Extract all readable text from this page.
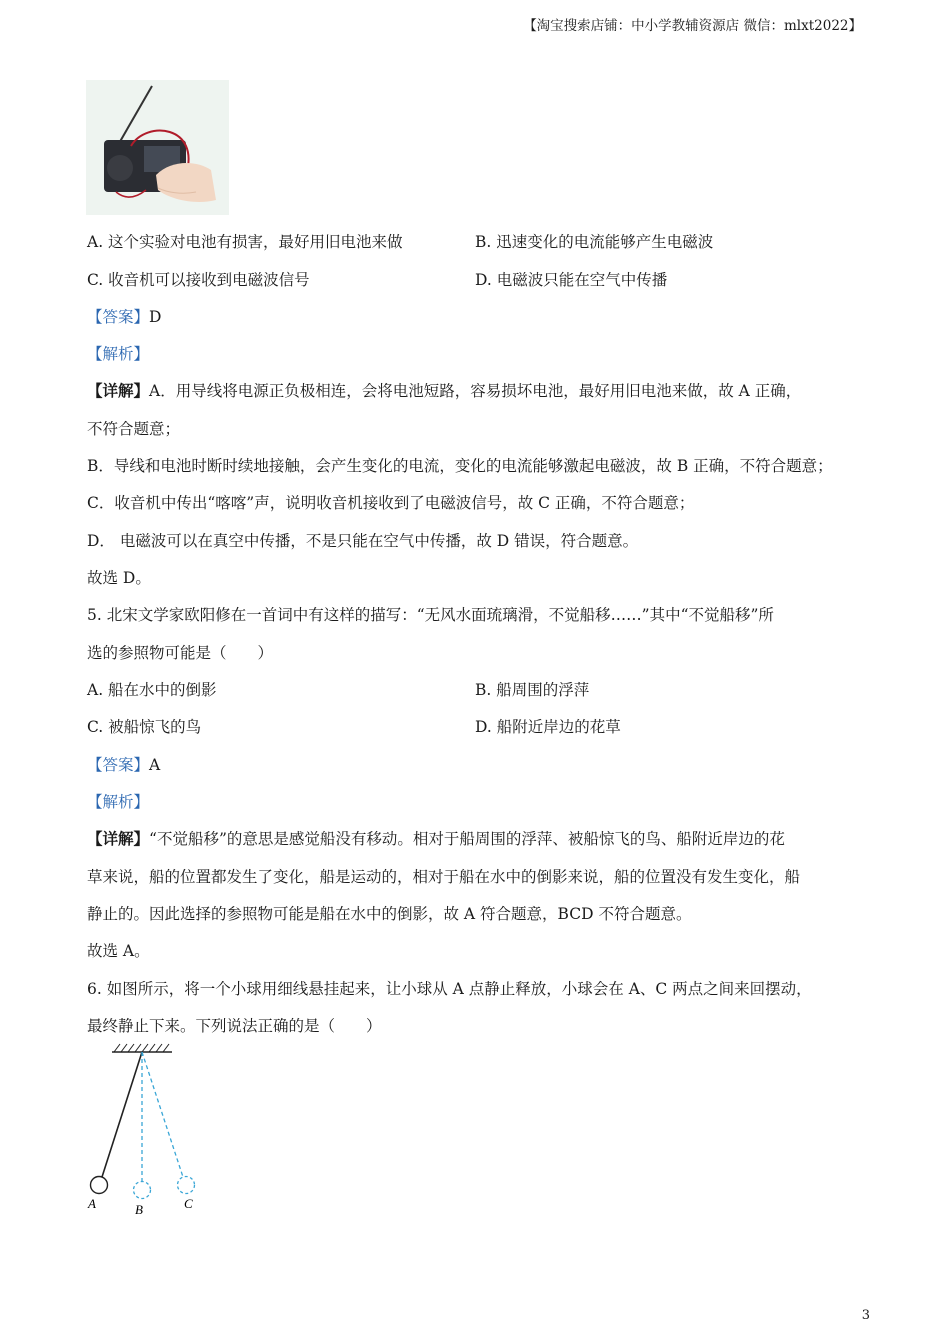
【淘宝搜索店铺：中小学教辅资源店 微信：mlxt2022】
A. 这个实验对电池有损害，最好用旧电池来做	B. 迅速变化的电流能够产生电磁波
C. 收音机可以接收到电磁波信号	D. 电磁波只能在空气中传播
【答案】D
【解析】
【详解】A．用导线将电源正负极相连，会将电池短路，容易损坏电池，最好用旧电池来做，故 A 正确，
不符合题意；
B．导线和电池时断时续地接触，会产生变化的电流，变化的电流能够激起电磁波，故 B 正确，不符合题意；
C．收音机中传出“喀喀”声，说明收音机接收到了电磁波信号，故 C 正确，不符合题意；
D． 电磁波可以在真空中传播，不是只能在空气中传播，故 D 错误，符合题意。
故选 D。
5. 北宋文学家欧阳修在一首词中有这样的描写：“无风水面琉璃滑，不觉船移……”其中“不觉船移”所
选的参照物可能是（　　）
A. 船在水中的倒影	B. 船周围的浮萍
C. 被船惊飞的鸟	D. 船附近岸边的花草
【答案】A
【解析】
【详解】“不觉船移”的意思是感觉船没有移动。相对于船周围的浮萍、被船惊飞的鸟、船附近岸边的花
草来说，船的位置都发生了变化，船是运动的，相对于船在水中的倒影来说，船的位置没有发生变化，船
静止的。因此选择的参照物可能是船在水中的倒影，故 A 符合题意，BCD 不符合题意。
故选 A。
6. 如图所示，将一个小球用细线悬挂起来，让小球从 A 点静止释放，小球会在 A、C 两点之间来回摆动，
最终静止下来。下列说法正确的是（　　）
A	B	C
3
